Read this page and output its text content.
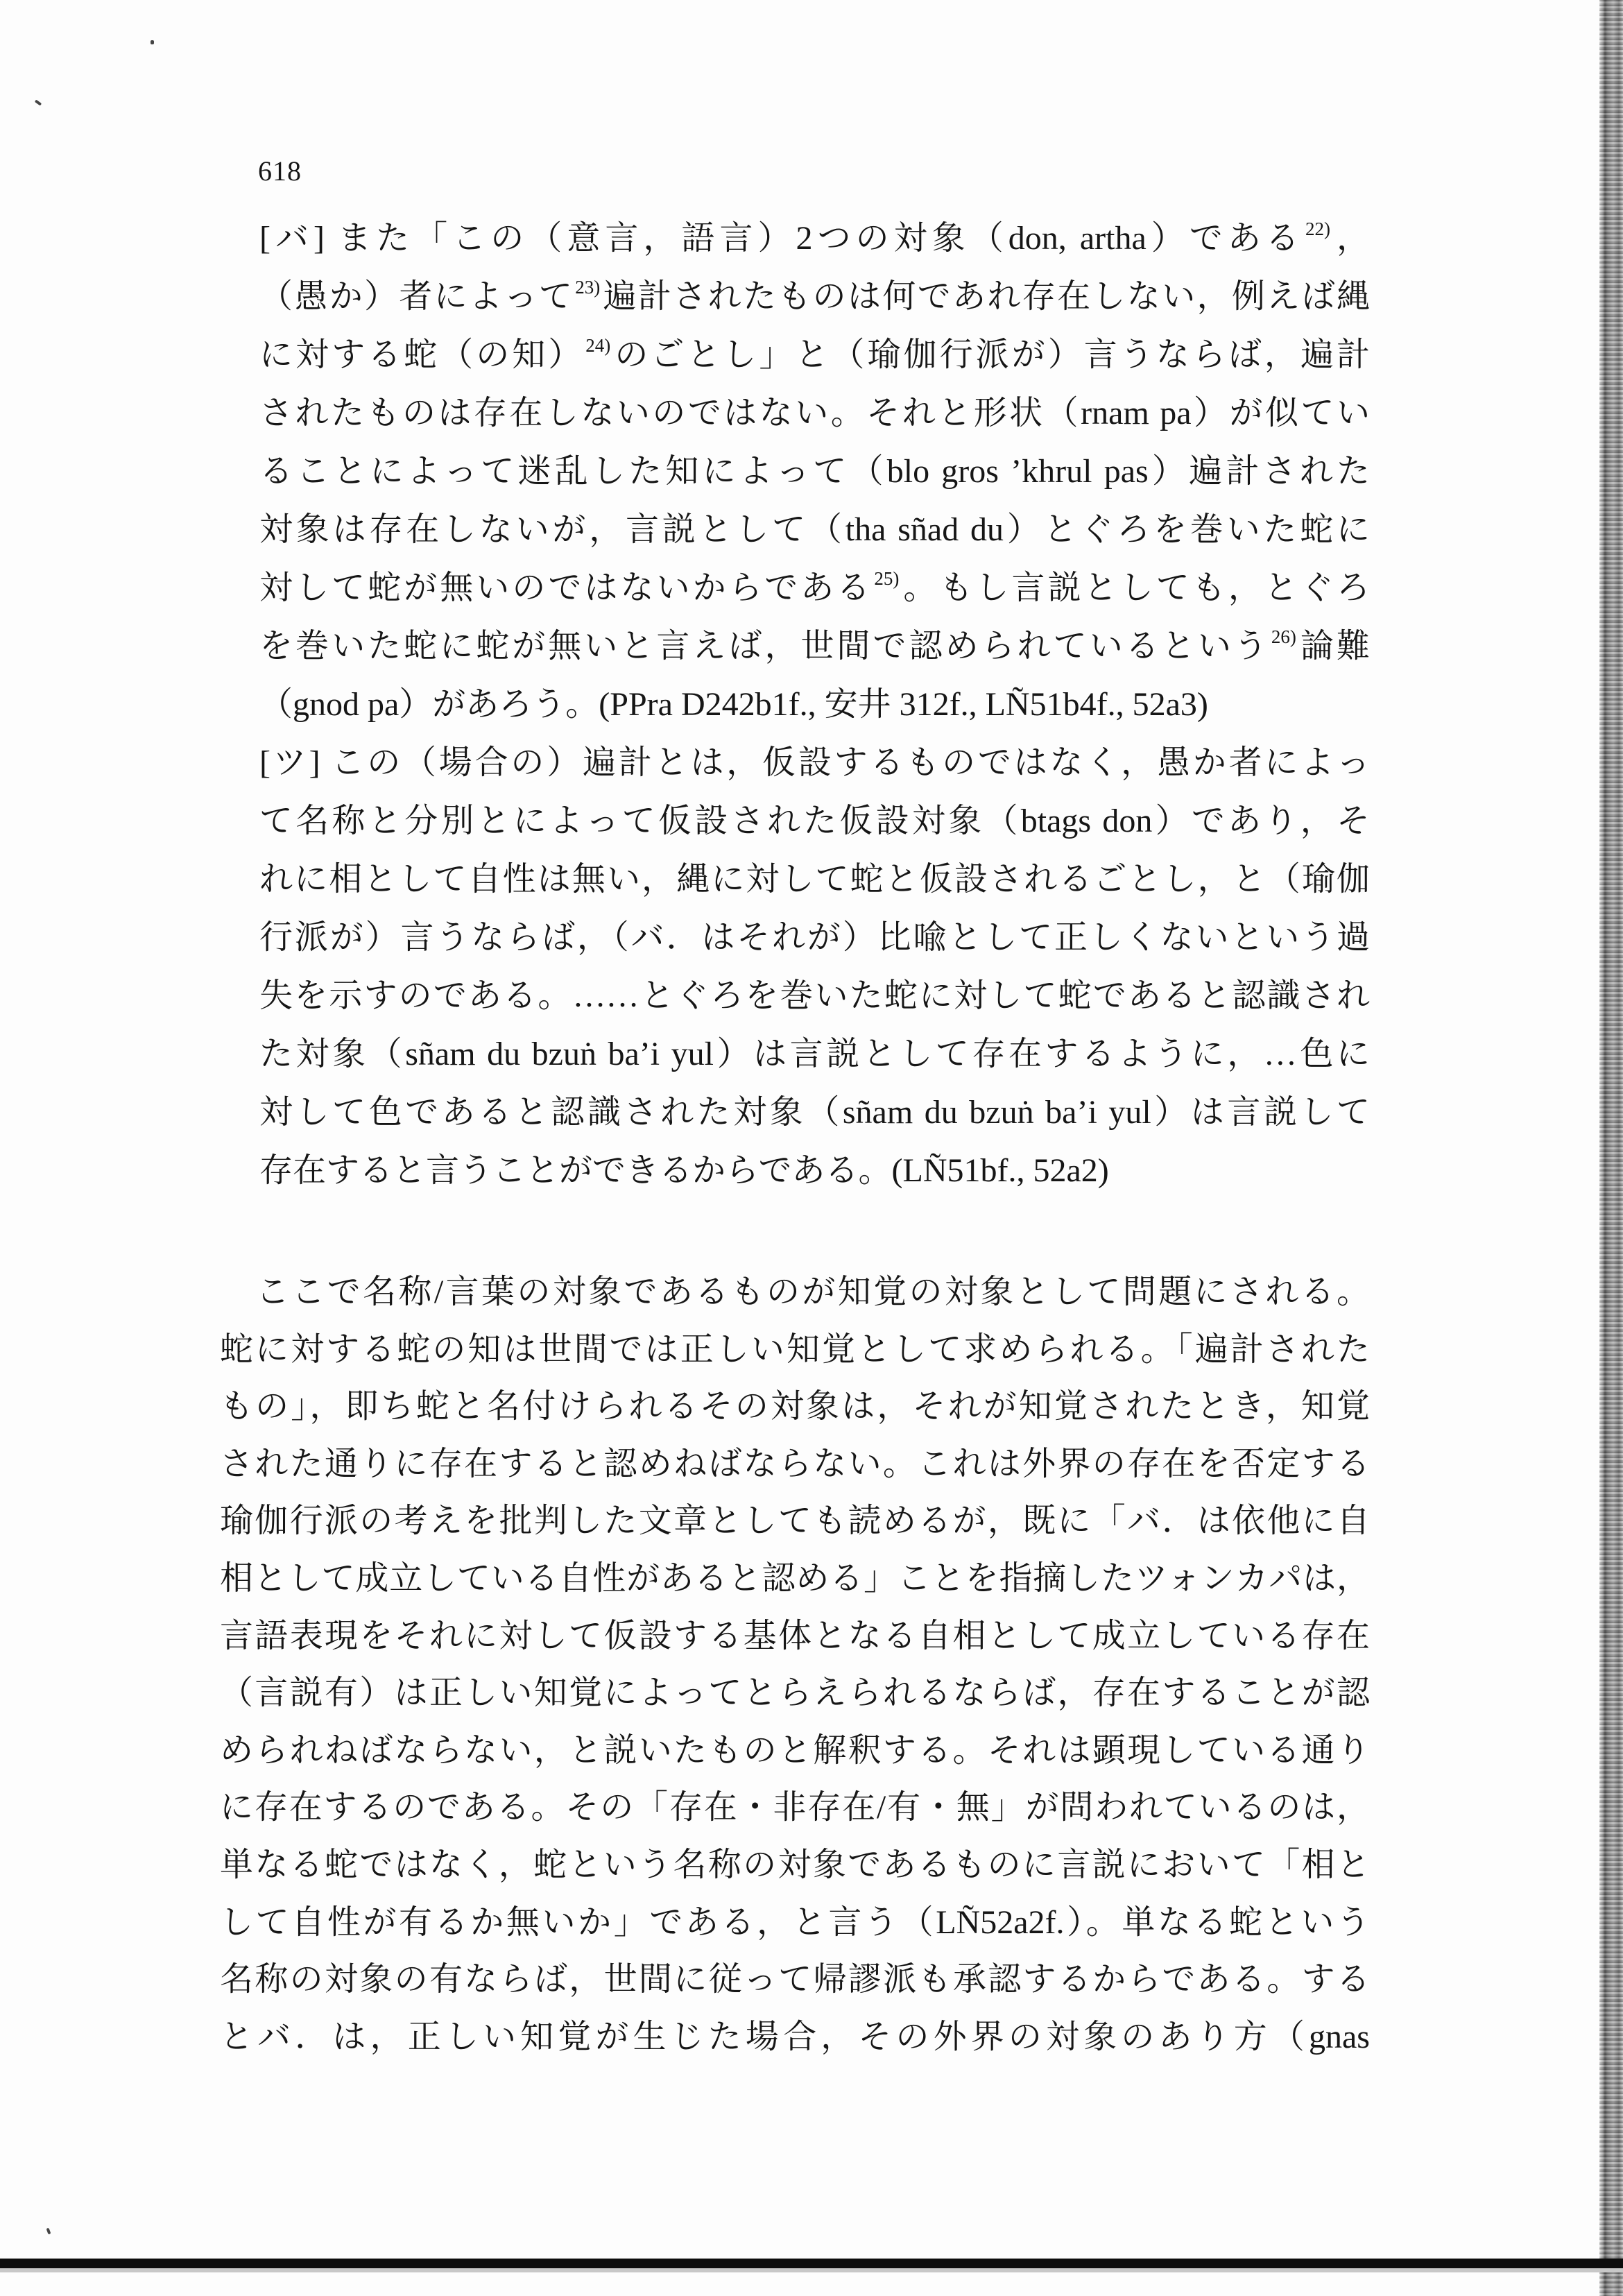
618
[バ] また「この（意言，語言）2つの対象（don, artha）である$^{22)}$，
（愚か）者によって$^{23)}$遍計されたものは何であれ存在しない，例えば縄
に対する蛇（の知）$^{24)}$のごとし」と（瑜伽行派が）言うならば，遍計
されたものは存在しないのではない。それと形状（rnam pa）が似てい
ることによって迷乱した知によって（blo gros ’khrul pas）遍計された
対象は存在しないが，言説として（tha sñad du）とぐろを巻いた蛇に
対して蛇が無いのではないからである$^{25)}$。もし言説としても，とぐろ
を巻いた蛇に蛇が無いと言えば，世間で認められているという$^{26)}$論難
（gnod pa）があろう。(PPra D242b1f., 安井 312f., LÑ51b4f., 52a3)
[ツ] この（場合の）遍計とは，仮設するものではなく，愚か者によっ
て名称と分別とによって仮設された仮設対象（btags don）であり，そ
れに相として自性は無い，縄に対して蛇と仮設されるごとし，と（瑜伽
行派が）言うならば，（バ．はそれが）比喩として正しくないという過
失を示すのである。……とぐろを巻いた蛇に対して蛇であると認識され
た対象（sñam du bzuṅ ba’i yul）は言説として存在するように，…色に
対して色であると認識された対象（sñam du bzuṅ ba’i yul）は言説して
存在すると言うことができるからである。(LÑ51bf., 52a2)
ここで名称/言葉の対象であるものが知覚の対象として問題にされる。
蛇に対する蛇の知は世間では正しい知覚として求められる。「遍計された
もの」，即ち蛇と名付けられるその対象は，それが知覚されたとき，知覚
された通りに存在すると認めねばならない。これは外界の存在を否定する
瑜伽行派の考えを批判した文章としても読めるが，既に「バ．は依他に自
相として成立している自性があると認める」ことを指摘したツォンカパは，
言語表現をそれに対して仮設する基体となる自相として成立している存在
（言説有）は正しい知覚によってとらえられるならば，存在することが認
められねばならない，と説いたものと解釈する。それは顕現している通り
に存在するのである。その「存在・非存在/有・無」が問われているのは，
単なる蛇ではなく，蛇という名称の対象であるものに言説において「相と
して自性が有るか無いか」である，と言う（LÑ52a2f.）。単なる蛇という
名称の対象の有ならば，世間に従って帰謬派も承認するからである。する
とバ．は，正しい知覚が生じた場合，その外界の対象のあり方（gnas
